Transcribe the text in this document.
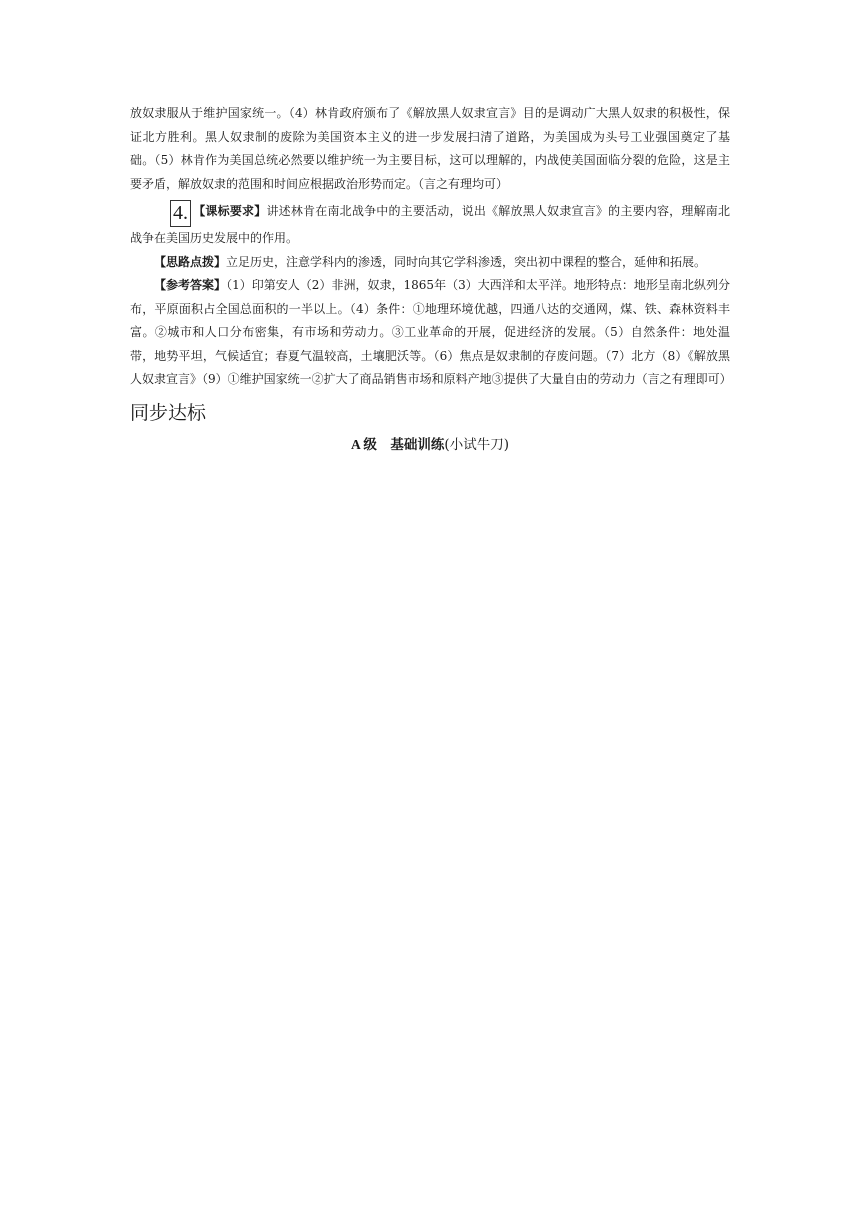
放奴隶服从于维护国家统一。（4）林肯政府颁布了《解放黑人奴隶宣言》目的是调动广大黑人奴隶的积极性，保证北方胜利。黑人奴隶制的废除为美国资本主义的进一步发展扫清了道路，为美国成为头号工业强国奠定了基础。（5）林肯作为美国总统必然要以维护统一为主要目标，这可以理解的，内战使美国面临分裂的危险，这是主要矛盾，解放奴隶的范围和时间应根据政治形势而定。（言之有理均可）

4. 【课标要求】讲述林肯在南北战争中的主要活动，说出《解放黑人奴隶宣言》的主要内容，理解南北战争在美国历史发展中的作用。

【思路点拨】立足历史，注意学科内的渗透，同时向其它学科渗透，突出初中课程的整合，延伸和拓展。

【参考答案】（1）印第安人（2）非洲，奴隶，1865年（3）大西洋和太平洋。地形特点：地形呈南北纵列分布，平原面积占全国总面积的一半以上。（4）条件：①地理环境优越，四通八达的交通网，煤、铁、森林资料丰富。②城市和人口分布密集，有市场和劳动力。③工业革命的开展，促进经济的发展。（5）自然条件：地处温带，地势平坦，气候适宜；春夏气温较高，土壤肥沃等。（6）焦点是奴隶制的存废问题。（7）北方（8）《解放黑人奴隶宣言》（9）①维护国家统一②扩大了商品销售市场和原料产地③提供了大量自由的劳动力（言之有理即可）

同步达标
A 级　基础训练(小试牛刀)
